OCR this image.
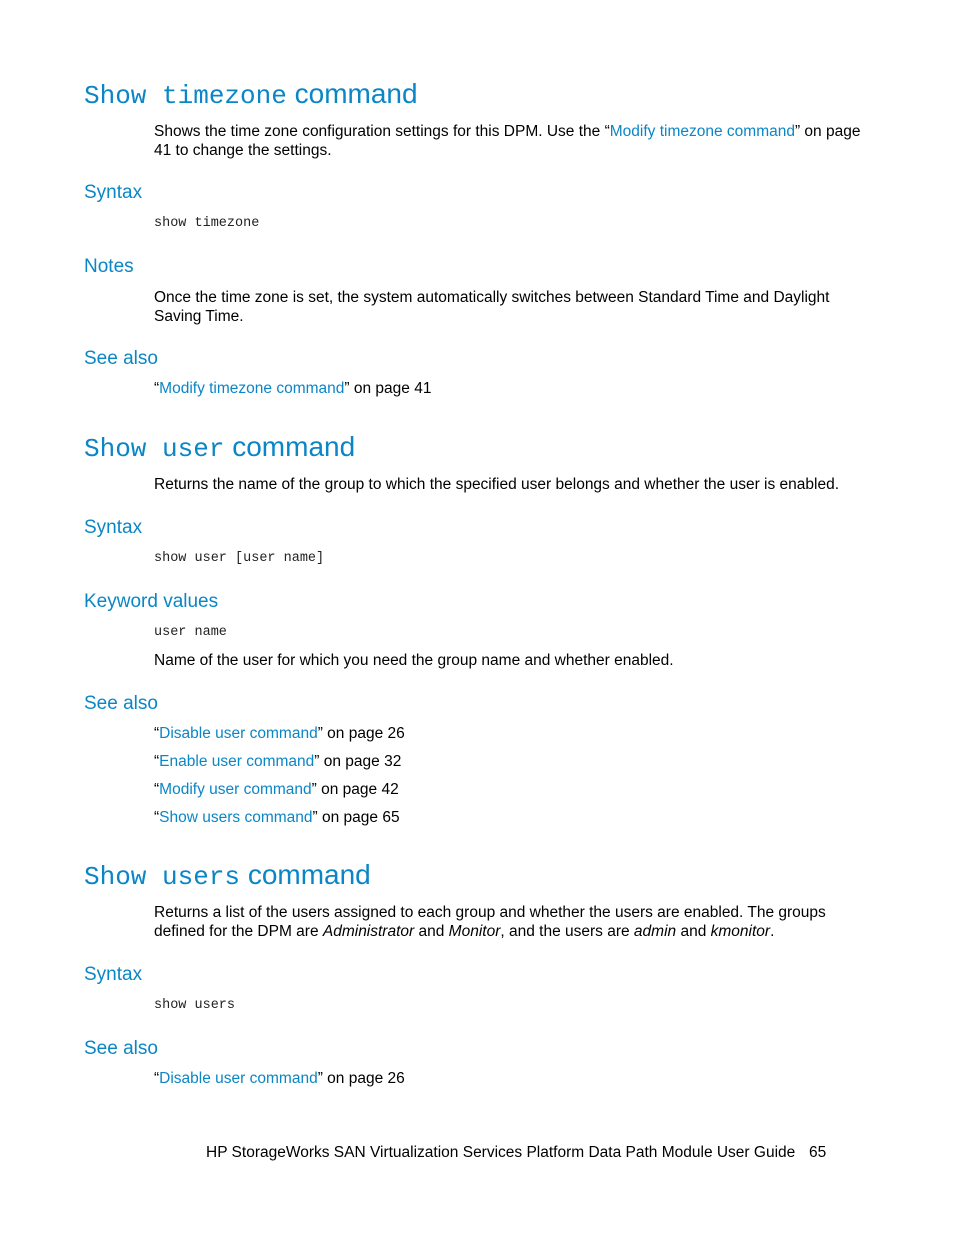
Show timezone command
Shows the time zone configuration settings for this DPM. Use the “Modify timezone command” on page
41 to change the settings.
Syntax
show timezone
Notes
Once the time zone is set, the system automatically switches between Standard Time and Daylight
Saving Time.
See also
“Modify timezone command” on page 41
Show user command
Returns the name of the group to which the specified user belongs and whether the user is enabled.
Syntax
show user [user name]
Keyword values
user name
Name of the user for which you need the group name and whether enabled.
See also
“Disable user command” on page 26
“Enable user command” on page 32
“Modify user command” on page 42
“Show users command” on page 65
Show users command
Returns a list of the users assigned to each group and whether the users are enabled. The groups
defined for the DPM are Administrator and Monitor, and the users are admin and kmonitor.
Syntax
show users
See also
“Disable user command” on page 26
HP StorageWorks SAN Virtualization Services Platform Data Path Module User Guide 65
